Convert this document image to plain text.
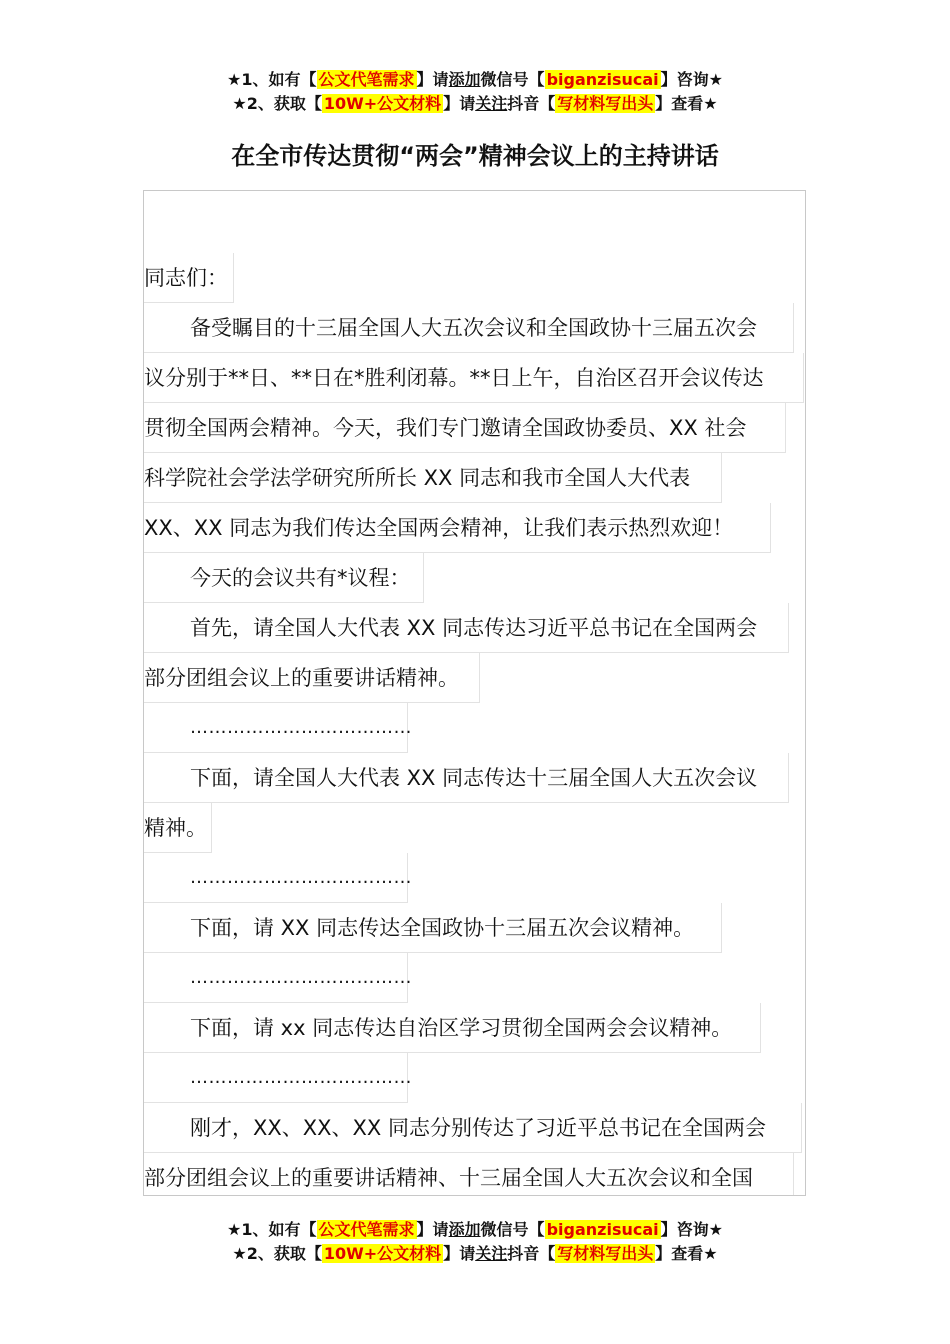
★1、如有【 公文代笔需求 】请添加微信号【 biganzisucai 】咨询★
★2、获取【 10W+公文材料 】请关注抖音【 写材料写出头 】查看★
在全市传达贯彻“两会”精神会议上的主持讲话
同志们：
备受瞩目的十三届全国人大五次会议和全国政协十三届五次会
议分别于**日、**日在*胜利闭幕。**日上午，自治区召开会议传达
贯彻全国两会精神。今天，我们专门邀请全国政协委员、XX 社会
科学院社会学法学研究所所长 XX 同志和我市全国人大代表
XX、XX 同志为我们传达全国两会精神，让我们表示热烈欢迎！
今天的会议共有*议程：
首先，请全国人大代表 XX 同志传达习近平总书记在全国两会
部分团组会议上的重要讲话精神。
………………………………
下面，请全国人大代表 XX 同志传达十三届全国人大五次会议
精神。
………………………………
下面，请 XX 同志传达全国政协十三届五次会议精神。
………………………………
下面，请 xx 同志传达自治区学习贯彻全国两会会议精神。
………………………………
刚才，XX、XX、XX 同志分别传达了习近平总书记在全国两会
部分团组会议上的重要讲话精神、十三届全国人大五次会议和全国
★1、如有【 公文代笔需求 】请添加微信号【 biganzisucai 】咨询★
★2、获取【 10W+公文材料 】请关注抖音【 写材料写出头 】查看★
